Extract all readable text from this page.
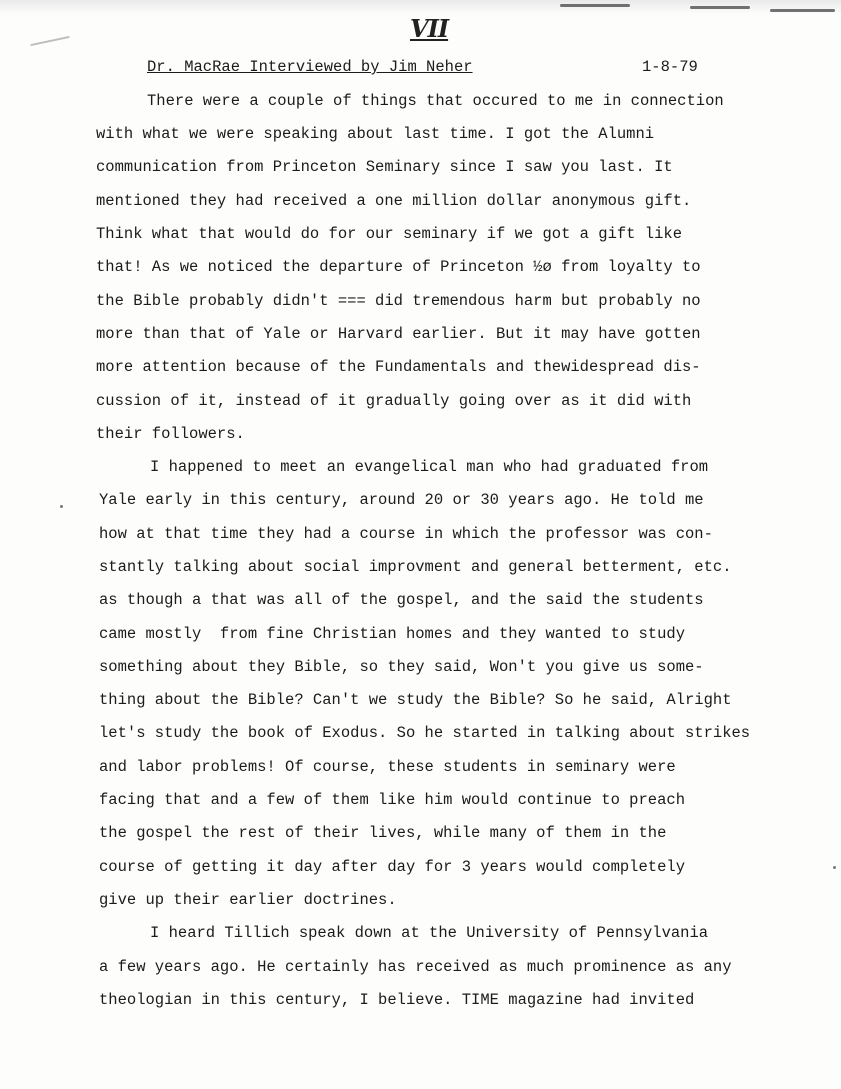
VII
Dr. MacRae Interviewed by Jim Neher	1-8-79
There were a couple of things that occured to me in connection
with what we were speaking about last time. I got the Alumni
communication from Princeton Seminary since I saw you last. It
mentioned they had received a one million dollar anonymous gift.
Think what that would do for our seminary if we got a gift like
that! As we noticed the departure of Princeton ½ø from loyalty to
the Bible probably didn't === did tremendous harm but probably no
more than that of Yale or Harvard earlier. But it may have gotten
more attention because of the Fundamentals and thewidespread dis-
cussion of it, instead of it gradually going over as it did with
their followers.
I happened to meet an evangelical man who had graduated from
Yale early in this century, around 20 or 30 years ago. He told me
how at that time they had a course in which the professor was con-
stantly talking about social improvment and general betterment, etc.
as though a that was all of the gospel, and the said the students
came mostly  from fine Christian homes and they wanted to study
something about they Bible, so they said, Won't you give us some-
thing about the Bible? Can't we study the Bible? So he said, Alright
let's study the book of Exodus. So he started in talking about strikes
and labor problems! Of course, these students in seminary were
facing that and a few of them like him would continue to preach
the gospel the rest of their lives, while many of them in the
course of getting it day after day for 3 years would completely
give up their earlier doctrines.
I heard Tillich speak down at the University of Pennsylvania
a few years ago. He certainly has received as much prominence as any
theologian in this century, I believe. TIME magazine had invited
